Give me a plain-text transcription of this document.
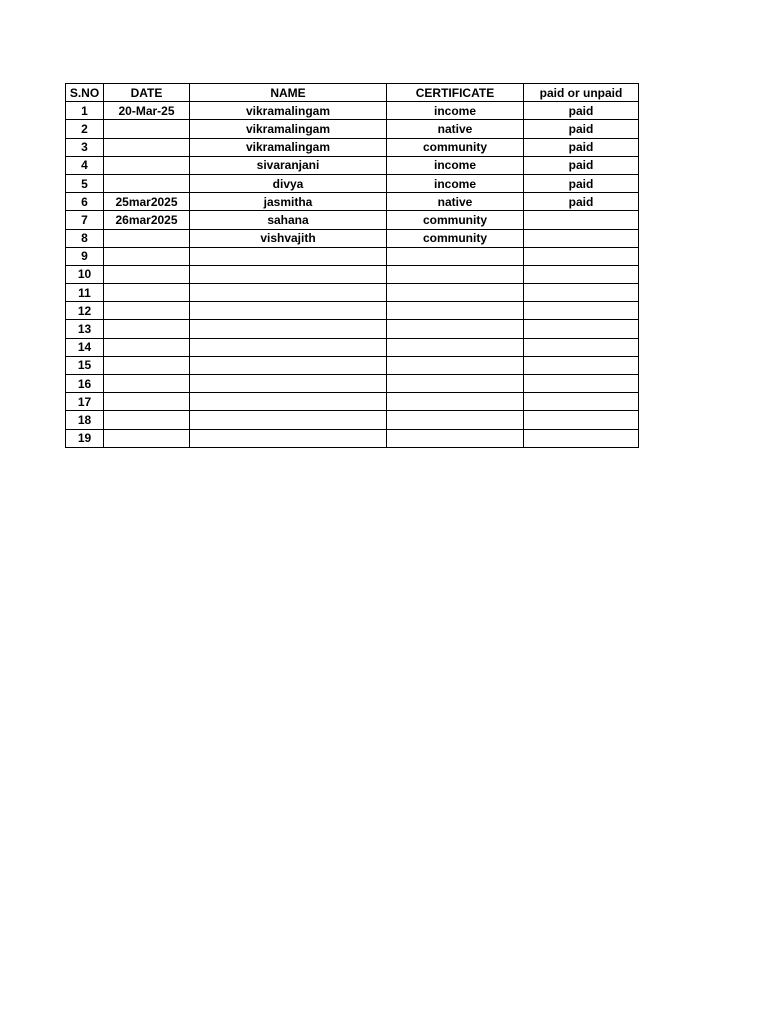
S.NO	DATE	NAME	CERTIFICATE	paid or unpaid
1	20-Mar-25	vikramalingam	income	paid
2		vikramalingam	native	paid
3		vikramalingam	community	paid
4		sivaranjani	income	paid
5		divya	income	paid
6	25mar2025	jasmitha	native	paid
7	26mar2025	sahana	community	
8		vishvajith	community	
9				
10				
11				
12				
13				
14				
15				
16				
17				
18				
19				
